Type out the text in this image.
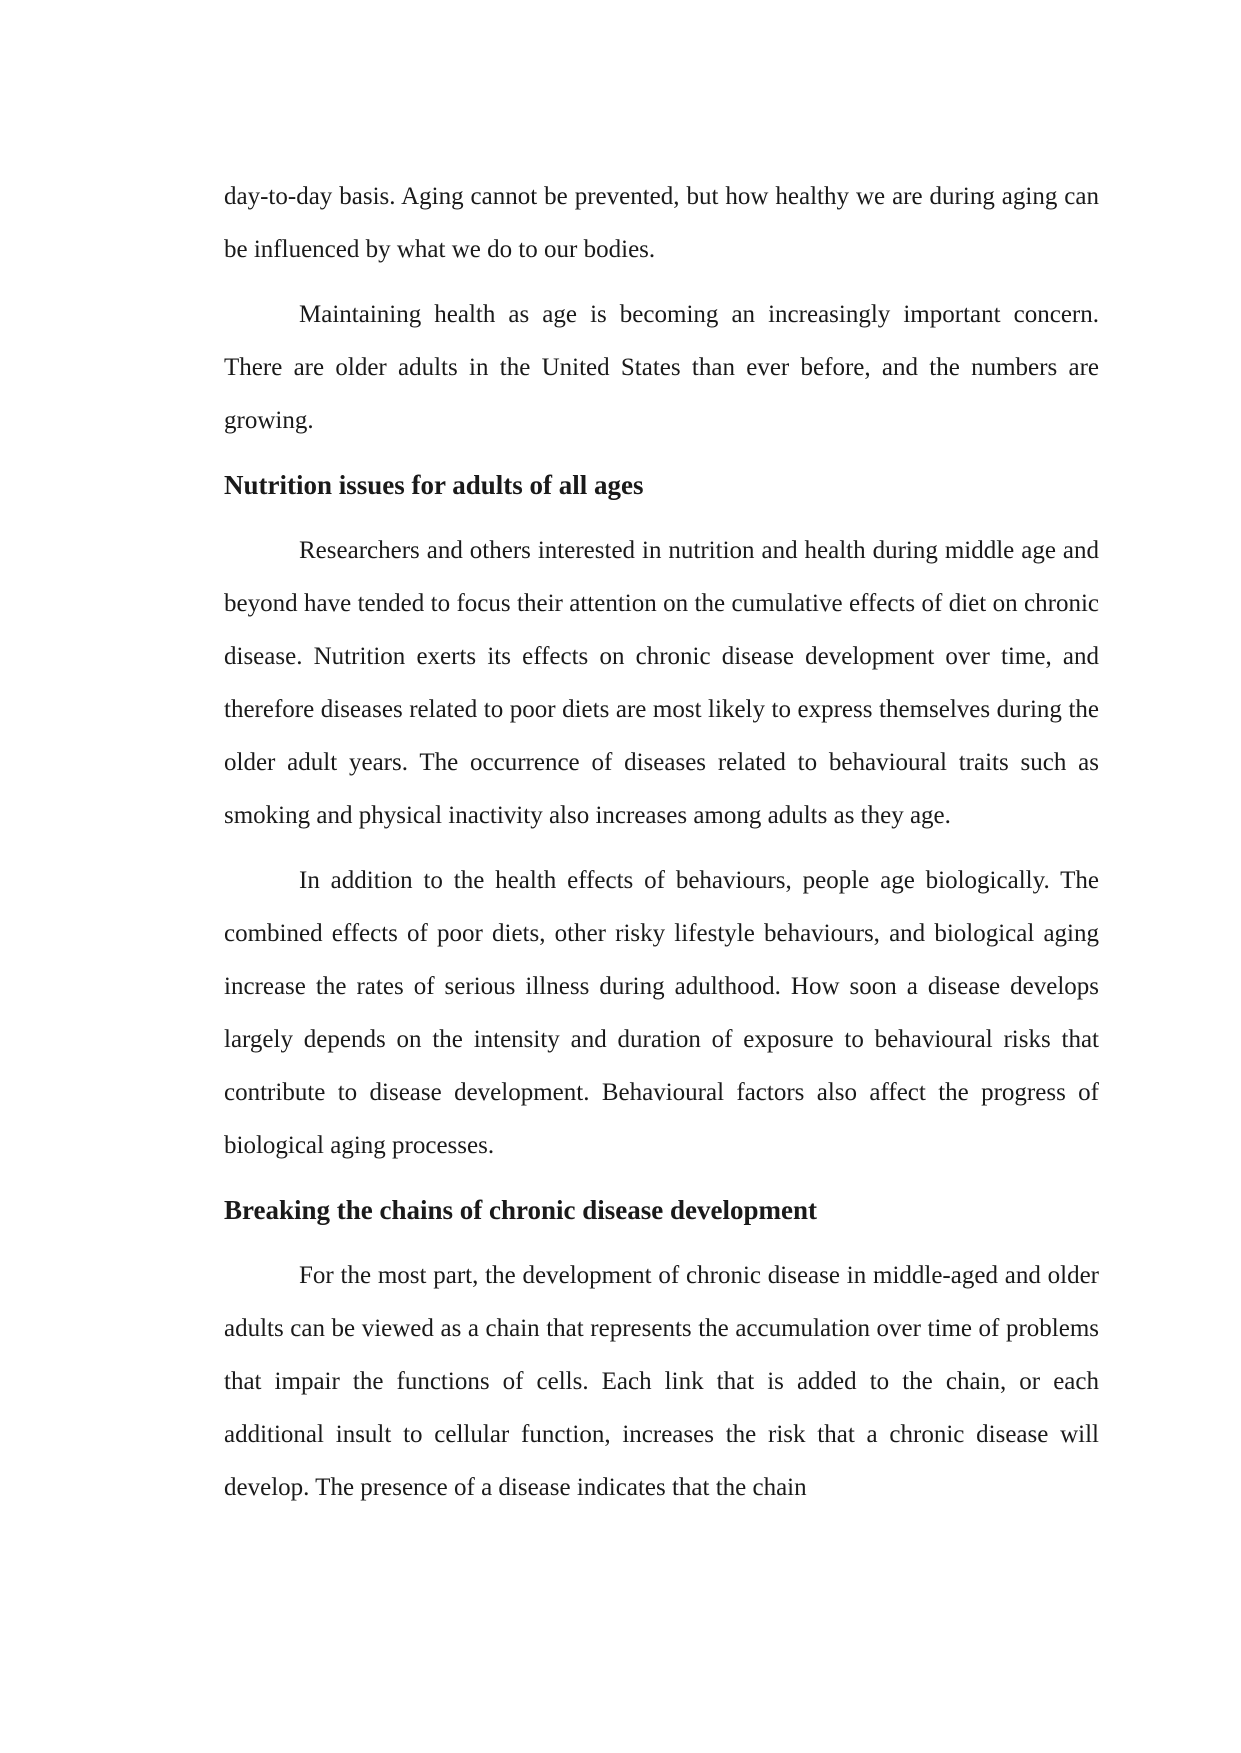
day-to-day basis. Aging cannot be prevented, but how healthy we are during aging can be influenced by what we do to our bodies.

Maintaining health as age is becoming an increasingly important concern. There are older adults in the United States than ever before, and the numbers are growing.

Nutrition issues for adults of all ages

Researchers and others interested in nutrition and health during middle age and beyond have tended to focus their attention on the cumulative effects of diet on chronic disease. Nutrition exerts its effects on chronic disease development over time, and therefore diseases related to poor diets are most likely to express themselves during the older adult years. The occurrence of diseases related to behavioural traits such as smoking and physical inactivity also increases among adults as they age.

In addition to the health effects of behaviours, people age biologically. The combined effects of poor diets, other risky lifestyle behaviours, and biological aging increase the rates of serious illness during adulthood. How soon a disease develops largely depends on the intensity and duration of exposure to behavioural risks that contribute to disease development. Behavioural factors also affect the progress of biological aging processes.

Breaking the chains of chronic disease development

For the most part, the development of chronic disease in middle-aged and older adults can be viewed as a chain that represents the accumulation over time of problems that impair the functions of cells. Each link that is added to the chain, or each additional insult to cellular function, increases the risk that a chronic disease will develop. The presence of a disease indicates that the chain
